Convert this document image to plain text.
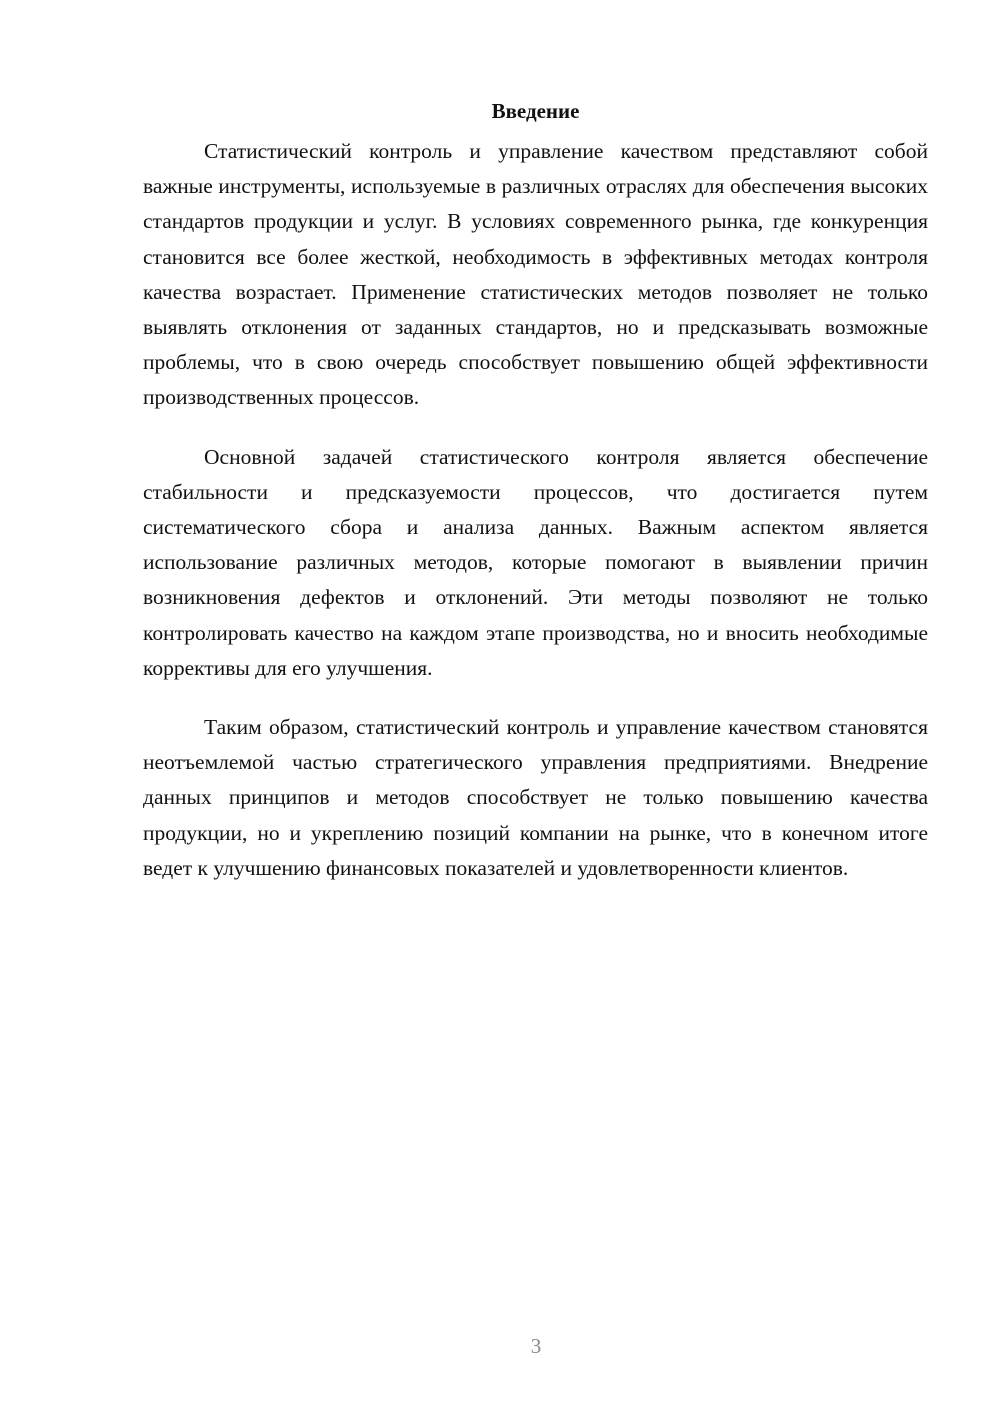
Введение

Статистический контроль и управление качеством представляют собой важные инструменты, используемые в различных отраслях для обеспечения высоких стандартов продукции и услуг. В условиях современного рынка, где конкуренция становится все более жесткой, необходимость в эффективных методах контроля качества возрастает. Применение статистических методов позволяет не только выявлять отклонения от заданных стандартов, но и предсказывать возможные проблемы, что в свою очередь способствует повышению общей эффективности производственных процессов.

Основной задачей статистического контроля является обеспечение стабильности и предсказуемости процессов, что достигается путем систематического сбора и анализа данных. Важным аспектом является использование различных методов, которые помогают в выявлении причин возникновения дефектов и отклонений. Эти методы позволяют не только контролировать качество на каждом этапе производства, но и вносить необходимые коррективы для его улучшения.

Таким образом, статистический контроль и управление качеством становятся неотъемлемой частью стратегического управления предприятиями. Внедрение данных принципов и методов способствует не только повышению качества продукции, но и укреплению позиций компании на рынке, что в конечном итоге ведет к улучшению финансовых показателей и удовлетворенности клиентов.

3
